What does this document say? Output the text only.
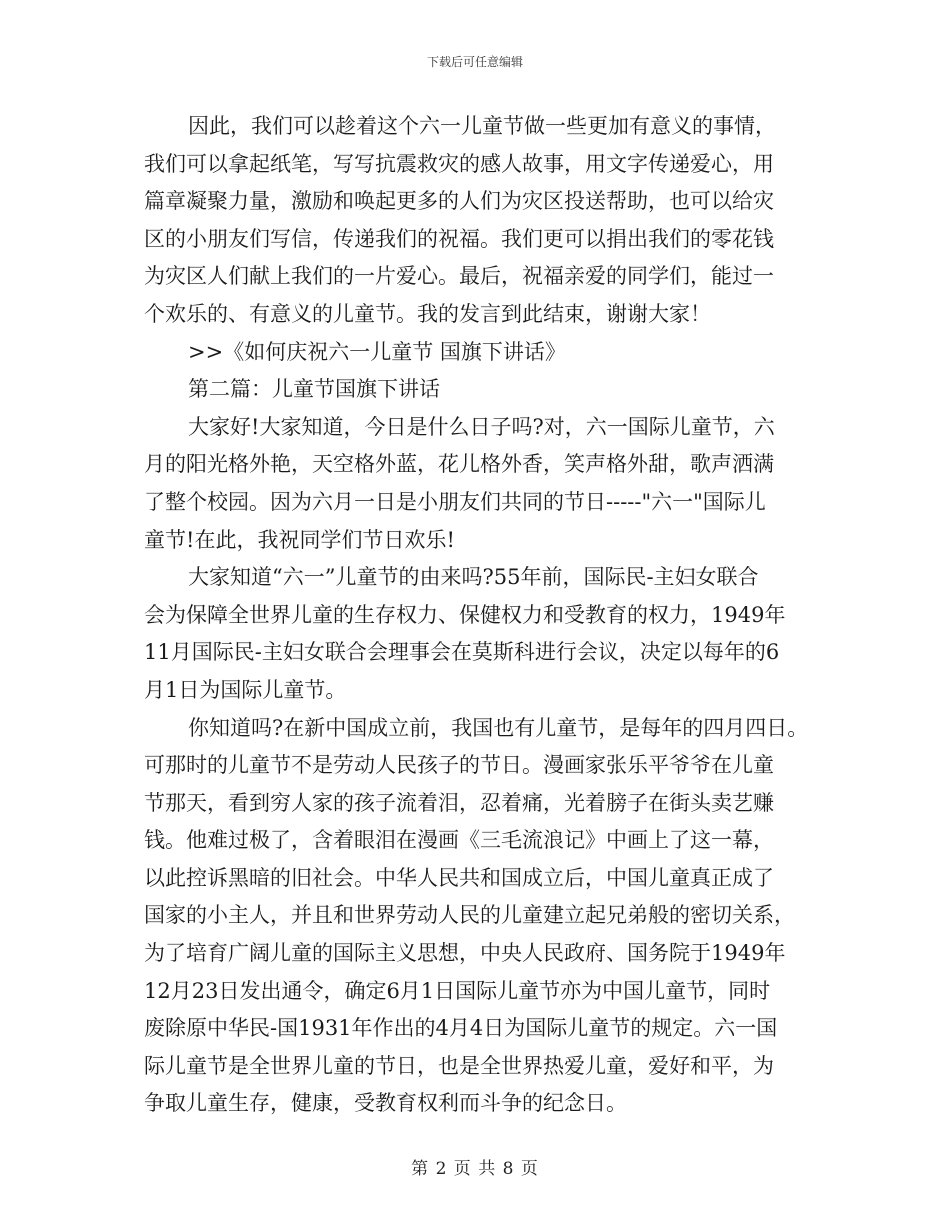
下载后可任意编辑

因此，我们可以趁着这个六一儿童节做一些更加有意义的事情，

我们可以拿起纸笔，写写抗震救灾的感人故事，用文字传递爱心，用

篇章凝聚力量，激励和唤起更多的人们为灾区投送帮助，也可以给灾

区的小朋友们写信，传递我们的祝福。我们更可以捐出我们的零花钱

为灾区人们献上我们的一片爱心。最后，祝福亲爱的同学们，能过一

个欢乐的、有意义的儿童节。我的发言到此结束，谢谢大家！

>>《如何庆祝六一儿童节 国旗下讲话》

第二篇：儿童节国旗下讲话

大家好!大家知道，今日是什么日子吗?对，六一国际儿童节，六

月的阳光格外艳，天空格外蓝，花儿格外香，笑声格外甜，歌声洒满

了整个校园。因为六月一日是小朋友们共同的节日-----"六一"国际儿

童节!在此，我祝同学们节日欢乐!

大家知道“六一”儿童节的由来吗?55年前，国际民-主妇女联合

会为保障全世界儿童的生存权力、保健权力和受教育的权力，1949年

11月国际民-主妇女联合会理事会在莫斯科进行会议，决定以每年的6

月1日为国际儿童节。

你知道吗?在新中国成立前，我国也有儿童节，是每年的四月四日。

可那时的儿童节不是劳动人民孩子的节日。漫画家张乐平爷爷在儿童

节那天，看到穷人家的孩子流着泪，忍着痛，光着膀子在街头卖艺赚

钱。他难过极了，含着眼泪在漫画《三毛流浪记》中画上了这一幕，

以此控诉黑暗的旧社会。中华人民共和国成立后，中国儿童真正成了

国家的小主人，并且和世界劳动人民的儿童建立起兄弟般的密切关系，

为了培育广阔儿童的国际主义思想，中央人民政府、国务院于1949年

12月23日发出通令，确定6月1日国际儿童节亦为中国儿童节，同时

废除原中华民-国1931年作出的4月4日为国际儿童节的规定。六一国

际儿童节是全世界儿童的节日，也是全世界热爱儿童，爱好和平，为

争取儿童生存，健康，受教育权利而斗争的纪念日。

第 2 页 共 8 页
